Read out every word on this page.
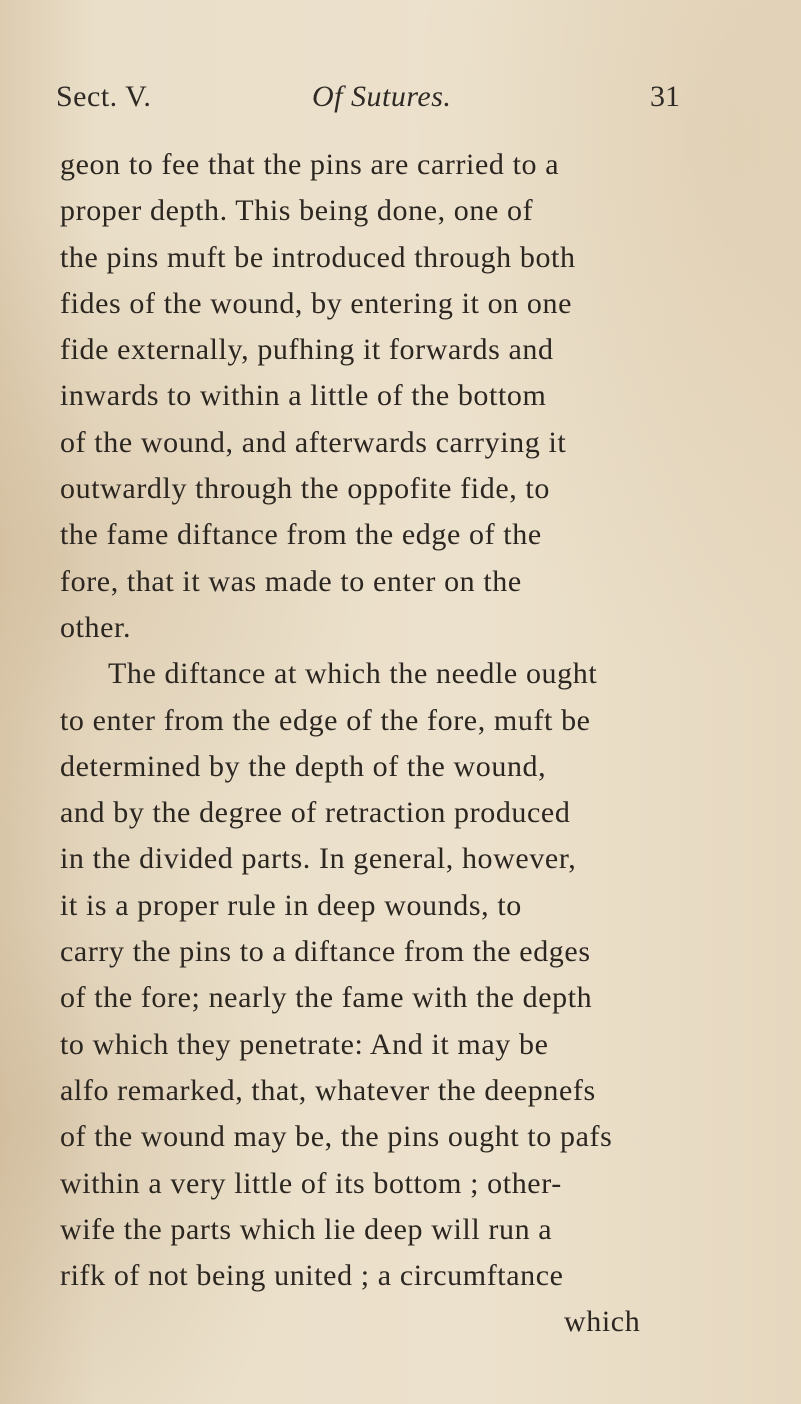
Sect. V.	Of Sutures.	31
geon to fee that the pins are carried to a
proper depth. This being done, one of
the pins muft be introduced through both
fides of the wound, by entering it on one
fide externally, pufhing it forwards and
inwards to within a little of the bottom
of the wound, and afterwards carrying it
outwardly through the oppofite fide, to
the fame diftance from the edge of the
fore, that it was made to enter on the
other.
The diftance at which the needle ought
to enter from the edge of the fore, muft be
determined by the depth of the wound,
and by the degree of retraction produced
in the divided parts. In general, however,
it is a proper rule in deep wounds, to
carry the pins to a diftance from the edges
of the fore; nearly the fame with the depth
to which they penetrate: And it may be
alfo remarked, that, whatever the deepnefs
of the wound may be, the pins ought to pafs
within a very little of its bottom ; other-
wife the parts which lie deep will run a
rifk of not being united ; a circumftance
which
